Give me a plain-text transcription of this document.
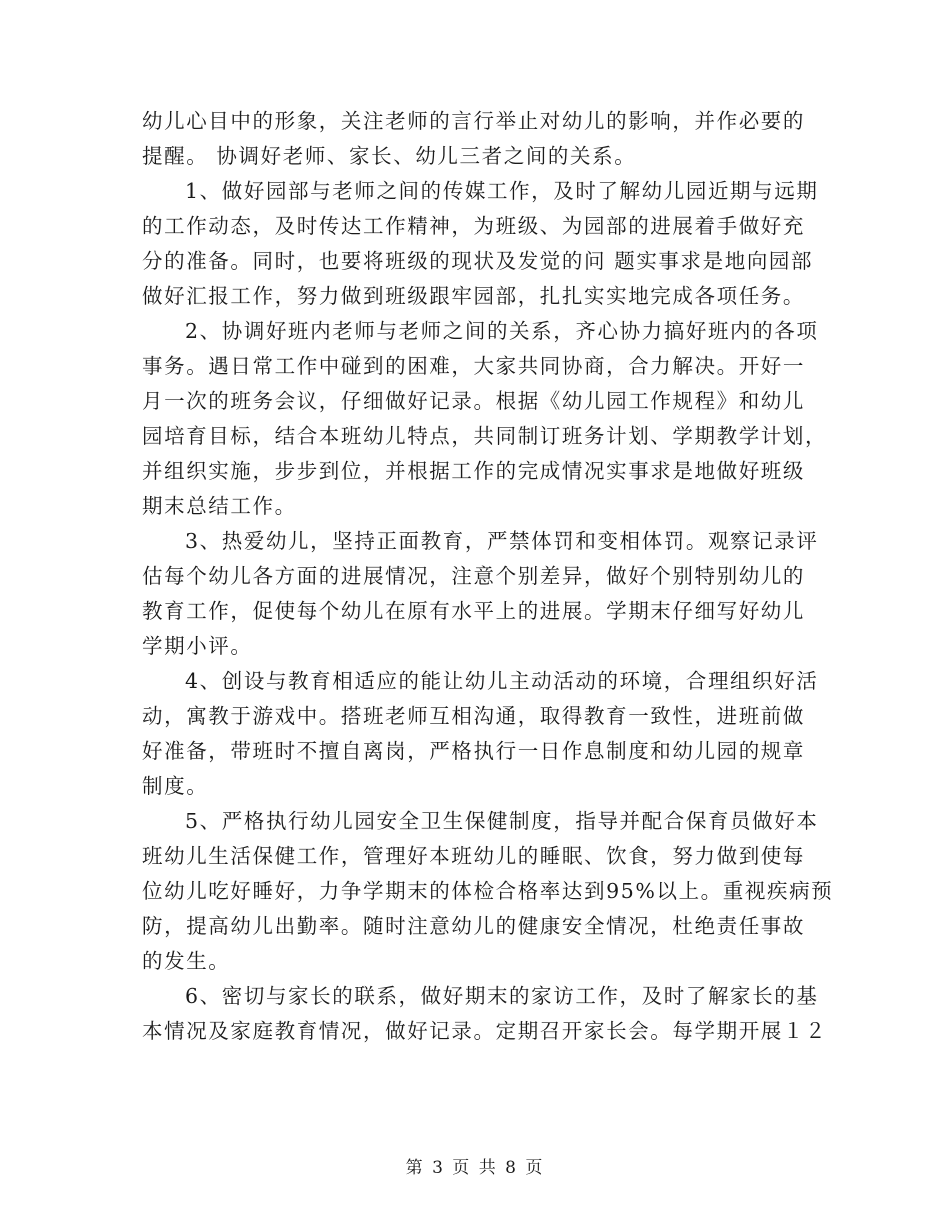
幼儿心目中的形象，关注老师的言行举止对幼儿的影响，并作必要的
提醒。 协调好老师、家长、幼儿三者之间的关系。
1、做好园部与老师之间的传媒工作，及时了解幼儿园近期与远期
的工作动态，及时传达工作精神，为班级、为园部的进展着手做好充
分的准备。同时，也要将班级的现状及发觉的问 题实事求是地向园部
做好汇报工作，努力做到班级跟牢园部，扎扎实实地完成各项任务。
2、协调好班内老师与老师之间的关系，齐心协力搞好班内的各项
事务。遇日常工作中碰到的困难，大家共同协商，合力解决。开好一
月一次的班务会议，仔细做好记录。根据《幼儿园工作规程》和幼儿
园培育目标，结合本班幼儿特点，共同制订班务计划、学期教学计划，
并组织实施，步步到位，并根据工作的完成情况实事求是地做好班级
期末总结工作。
3、热爱幼儿，坚持正面教育，严禁体罚和变相体罚。观察记录评
估每个幼儿各方面的进展情况，注意个别差异，做好个别特别幼儿的
教育工作，促使每个幼儿在原有水平上的进展。学期末仔细写好幼儿
学期小评。
4、创设与教育相适应的能让幼儿主动活动的环境，合理组织好活
动，寓教于游戏中。搭班老师互相沟通，取得教育一致性，进班前做
好准备，带班时不擅自离岗，严格执行一日作息制度和幼儿园的规章
制度。
5、严格执行幼儿园安全卫生保健制度，指导并配合保育员做好本
班幼儿生活保健工作，管理好本班幼儿的睡眠、饮食，努力做到使每
位幼儿吃好睡好，力争学期末的体检合格率达到95%以上。重视疾病预
防，提高幼儿出勤率。随时注意幼儿的健康安全情况，杜绝责任事故
的发生。
6、密切与家长的联系，做好期末的家访工作，及时了解家长的基
本情况及家庭教育情况，做好记录。定期召开家长会。每学期开展１２
第 3 页 共 8 页
